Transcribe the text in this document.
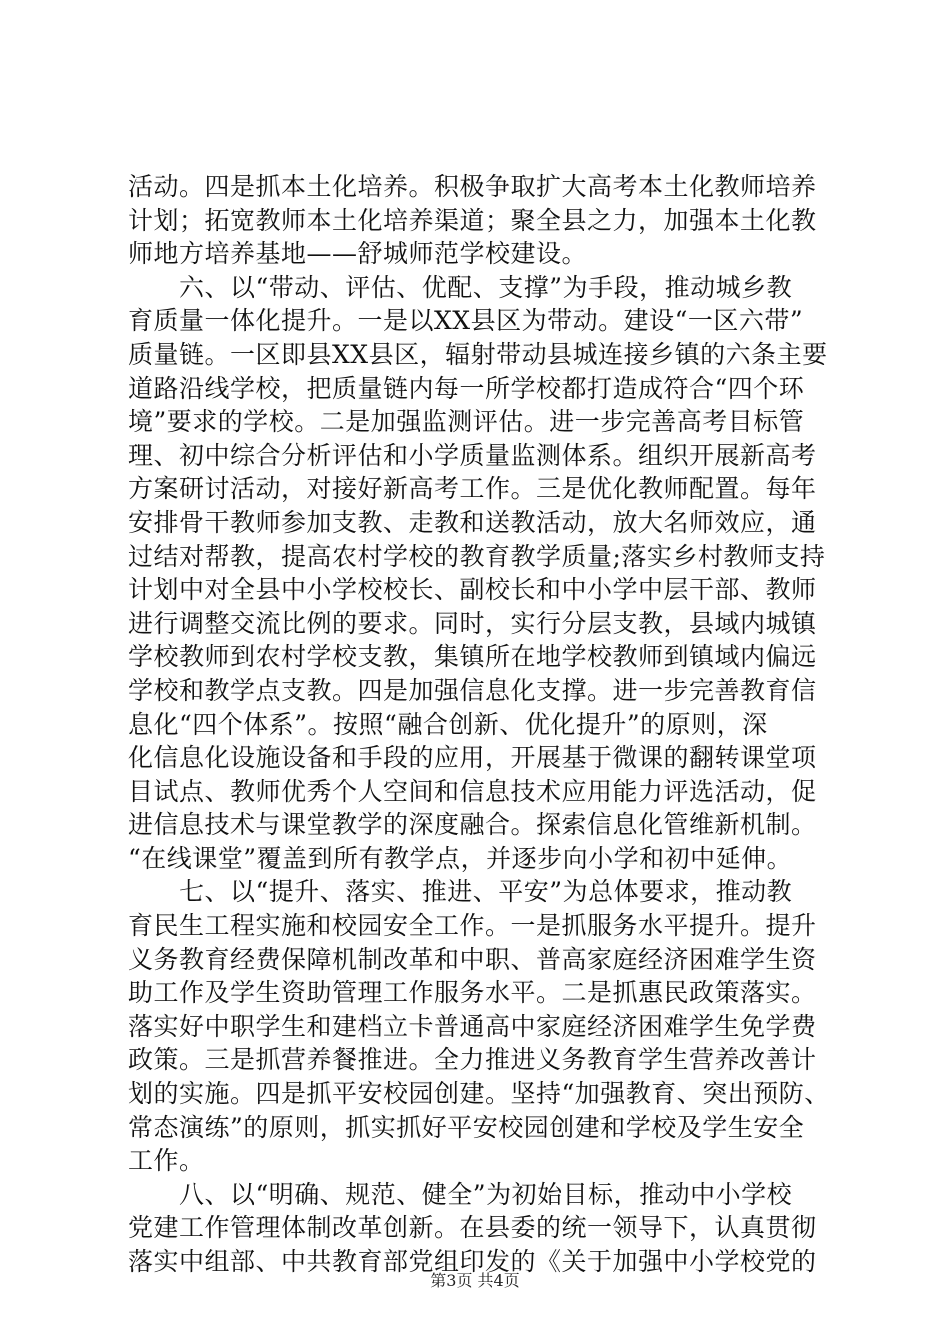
活动。四是抓本土化培养。积极争取扩大高考本土化教师培养
计划；拓宽教师本土化培养渠道；聚全县之力，加强本土化教
师地方培养基地——舒城师范学校建设。
　　六、以“带动、评估、优配、支撑”为手段，推动城乡教
育质量一体化提升。一是以XX县区为带动。建设“一区六带”
质量链。一区即县XX县区，辐射带动县城连接乡镇的六条主要
道路沿线学校，把质量链内每一所学校都打造成符合“四个环
境”要求的学校。二是加强监测评估。进一步完善高考目标管
理、初中综合分析评估和小学质量监测体系。组织开展新高考
方案研讨活动，对接好新高考工作。三是优化教师配置。每年
安排骨干教师参加支教、走教和送教活动，放大名师效应，通
过结对帮教，提高农村学校的教育教学质量;落实乡村教师支持
计划中对全县中小学校校长、副校长和中小学中层干部、教师
进行调整交流比例的要求。同时，实行分层支教，县域内城镇
学校教师到农村学校支教，集镇所在地学校教师到镇域内偏远
学校和教学点支教。四是加强信息化支撑。进一步完善教育信
息化“四个体系”。按照“融合创新、优化提升”的原则，深
化信息化设施设备和手段的应用，开展基于微课的翻转课堂项
目试点、教师优秀个人空间和信息技术应用能力评选活动，促
进信息技术与课堂教学的深度融合。探索信息化管维新机制。
“在线课堂”覆盖到所有教学点，并逐步向小学和初中延伸。
　　七、以“提升、落实、推进、平安”为总体要求，推动教
育民生工程实施和校园安全工作。一是抓服务水平提升。提升
义务教育经费保障机制改革和中职、普高家庭经济困难学生资
助工作及学生资助管理工作服务水平。二是抓惠民政策落实。
落实好中职学生和建档立卡普通高中家庭经济困难学生免学费
政策。三是抓营养餐推进。全力推进义务教育学生营养改善计
划的实施。四是抓平安校园创建。坚持“加强教育、突出预防、
常态演练”的原则，抓实抓好平安校园创建和学校及学生安全
工作。
　　八、以“明确、规范、健全”为初始目标，推动中小学校
党建工作管理体制改革创新。在县委的统一领导下，认真贯彻
落实中组部、中共教育部党组印发的《关于加强中小学校党的
第3页 共4页
